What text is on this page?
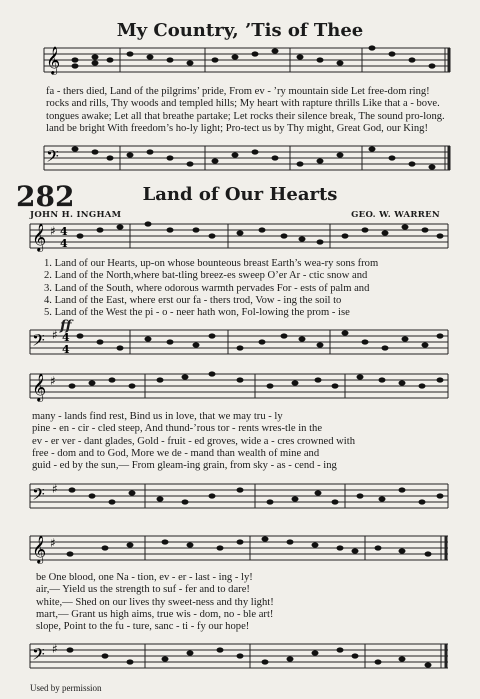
My Country, ’Tis of Thee
𝄞
fa - thers died, Land of the pilgrims’ pride, From ev - ’ry mountain side Let free-dom ring!
rocks and rills, Thy woods and templed hills; My heart with rapture thrills Like that a - bove.
tongues awake; Let all that breathe partake; Let rocks their silence break, The sound pro-long.
land be bright With freedom’s ho-ly light; Pro-tect us by Thy might, Great God, our King!
𝄢
282	Land of Our Hearts
JOHN H. INGHAM	GEO. W. WARREN
𝄞 ♯ 4
4
1. Land of our Hearts, up-on whose bounteous breast Earth’s wea-ry sons from
2. Land of the North,where bat-tling breez-es sweep O’er Ar - ctic snow and
3. Land of the South, where odorous warmth pervades For - ests of palm and
4. Land of the East, where erst our fa - thers trod, Vow - ing the soil to
5. Land of the West the pi - o - neer hath won, Fol-lowing the prom - ise
ff
𝄢 ♯ 4
4
𝄞 ♯
many - lands find rest, Bind us in love, that we may tru - ly
pine - en - cir - cled steep, And thund-’rous tor - rents wres-tle in the
ev - er ver - dant glades, Gold - fruit - ed groves, wide a - cres crowned with
free - dom and to God, More we de - mand than wealth of mine and
guid - ed by the sun,— From gleam-ing grain, from sky - as - cend - ing
𝄢 ♯
𝄞 ♯
be One blood, one Na - tion, ev - er - last - ing - ly!
air,— Yield us the strength to suf - fer and to dare!
white,— Shed on our lives thy sweet-ness and thy light!
mart,— Grant us high aims, true wis - dom, no - ble art!
slope, Point to the fu - ture, sanc - ti - fy our hope!
𝄢 ♯
Used by permission
